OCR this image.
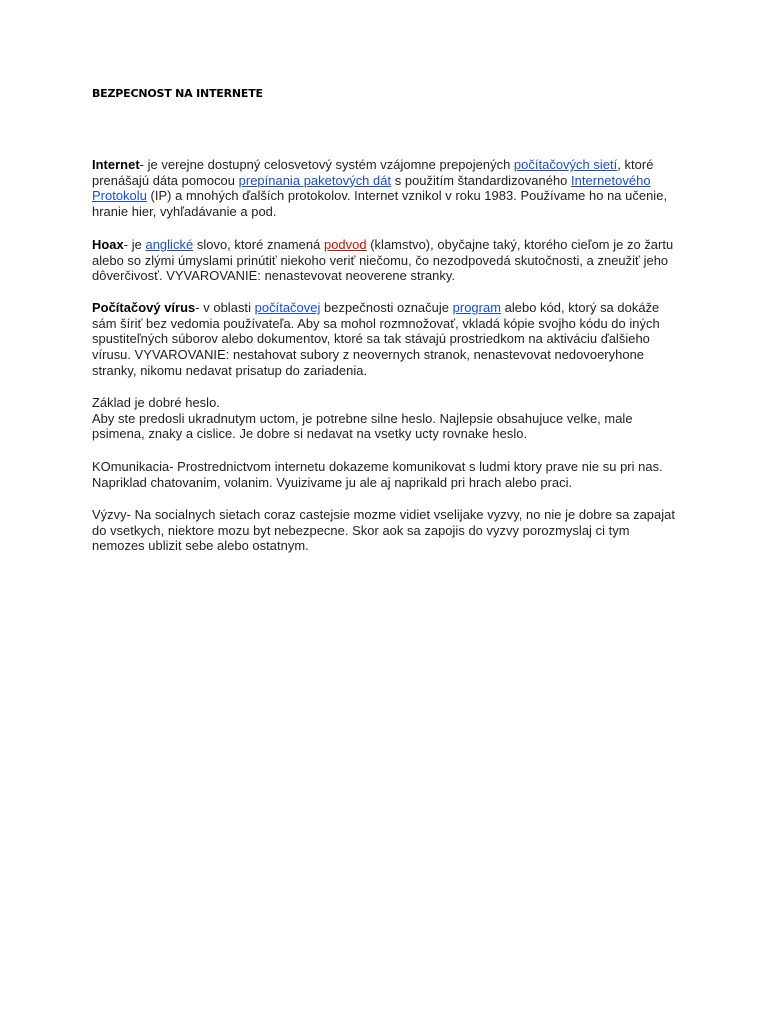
BEZPECNOST NA INTERNETE
Internet- je verejne dostupný celosvetový systém vzájomne prepojených počítačových sietí, ktoré prenášajú dáta pomocou prepínania paketových dát s použitím štandardizovaného Internetového Protokolu (IP) a mnohých ďalších protokolov. Internet vznikol v roku 1983. Používame ho na učenie, hranie hier, vyhľadávanie a pod.
Hoax- je anglické slovo, ktoré znamená podvod (klamstvo), obyčajne taký, ktorého cieľom je zo žartu alebo so zlými úmyslami prinútiť niekoho veriť niečomu, čo nezodpovedá skutočnosti, a zneužiť jeho dôverčivosť. VYVAROVANIE: nenastevovat neoverene stranky.
Počítačový vírus- v oblasti počítačovej bezpečnosti označuje program alebo kód, ktorý sa dokáže sám šíriť bez vedomia používateľa. Aby sa mohol rozmnožovať, vkladá kópie svojho kódu do iných spustiteľných súborov alebo dokumentov, ktoré sa tak stávajú prostriedkom na aktiváciu ďalšieho vírusu. VYVAROVANIE: nestahovat subory z neovernych stranok, nenastevovat nedovoeryhone stranky, nikomu nedavat prisatup do zariadenia.
Základ je dobré heslo.
Aby ste predosli ukradnutym uctom, je potrebne silne heslo. Najlepsie obsahujuce velke, male psimena, znaky a cislice. Je dobre si nedavat na vsetky ucty rovnake heslo.
KOmunikacia- Prostrednictvom internetu dokazeme komunikovat s ludmi ktory prave nie su pri nas. Napriklad chatovanim, volanim. Vyuizivame ju ale aj naprikald pri hrach alebo praci.
Výzvy- Na socialnych sietach coraz castejsie mozme vidiet vselijake vyzvy, no nie je dobre sa zapajat do vsetkych, niektore mozu byt nebezpecne. Skor aok sa zapojis do vyzvy porozmyslaj ci tym nemozes ublizit sebe alebo ostatnym.
